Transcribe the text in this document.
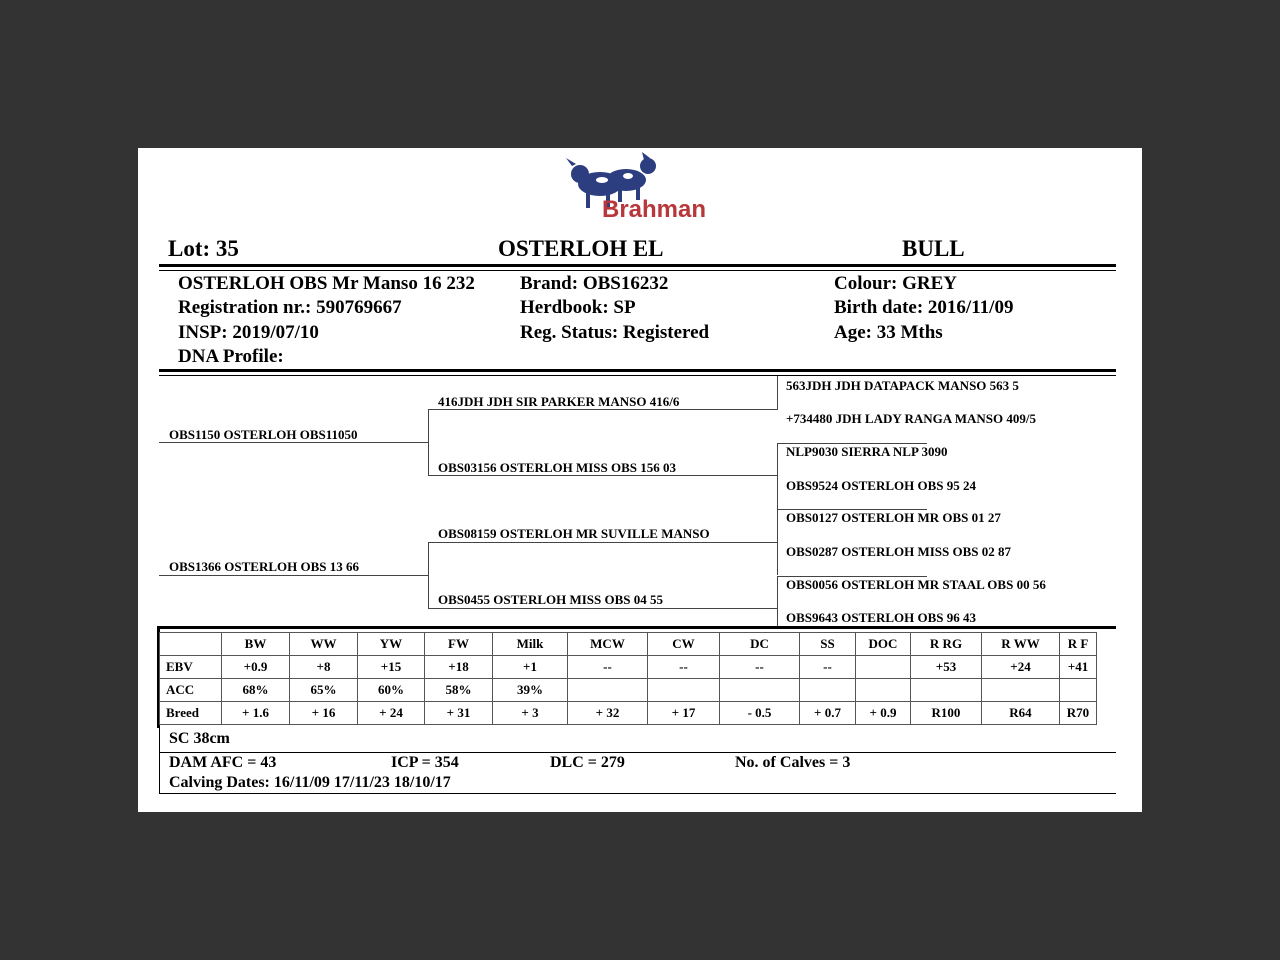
Brahman
Lot: 35	OSTERLOH EL	BULL
OSTERLOH OBS Mr Manso 16 232
Registration nr.: 590769667
INSP: 2019/07/10
DNA Profile:
Brand: OBS16232
Herdbook: SP
Reg. Status: Registered
Colour: GREY
Birth date: 2016/11/09
Age: 33 Mths
OBS1150 OSTERLOH OBS11050
OBS1366 OSTERLOH OBS 13 66
416JDH JDH SIR PARKER MANSO 416/6
OBS03156 OSTERLOH MISS OBS 156 03
OBS08159 OSTERLOH MR SUVILLE MANSO
OBS0455 OSTERLOH MISS OBS 04 55
563JDH JDH DATAPACK MANSO 563 5
+734480 JDH LADY RANGA MANSO 409/5
NLP9030 SIERRA NLP 3090
OBS9524 OSTERLOH OBS 95 24
OBS0127 OSTERLOH MR OBS 01 27
OBS0287 OSTERLOH MISS OBS 02 87
OBS0056 OSTERLOH MR STAAL OBS 00 56
OBS9643 OSTERLOH OBS 96 43
	BW	WW	YW	FW	Milk	MCW	CW	DC	SS	DOC	R RG	R WW	R F
EBV	+0.9	+8	+15	+18	+1	--	--	--	--		+53	+24	+41
ACC	68%	65%	60%	58%	39%								
Breed	+ 1.6	+ 16	+ 24	+ 31	+ 3	+ 32	+ 17	- 0.5	+ 0.7	+ 0.9	R100	R64	R70
SC 38cm
DAM AFC = 43	ICP = 354	DLC = 279	No. of Calves = 3
Calving Dates: 16/11/09 17/11/23 18/10/17
